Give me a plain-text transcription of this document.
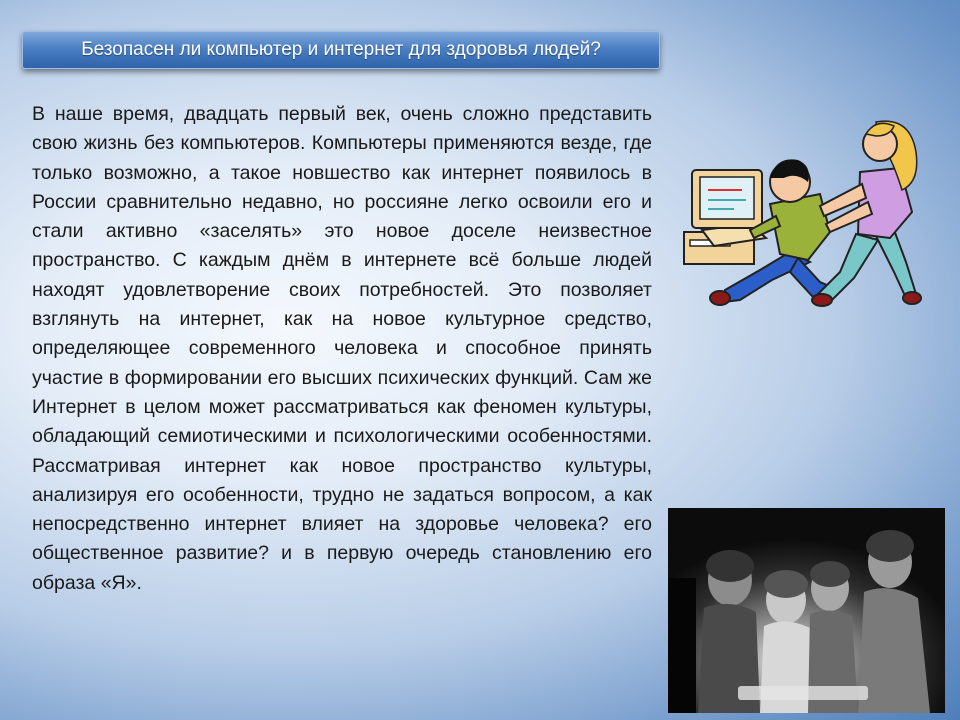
Безопасен ли компьютер и интернет для здоровья людей?

В наше время, двадцать первый век, очень сложно представить свою жизнь без компьютеров. Компьютеры применяются везде, где только возможно, а такое новшество как интернет появилось в России сравнительно недавно, но россияне легко освоили его и стали активно «заселять» это новое доселе неизвестное пространство. С каждым днём в интернете всё больше людей находят удовлетворение своих потребностей. Это позволяет взглянуть на интернет, как на новое культурное средство, определяющее современного человека и способное принять участие в формировании его высших психических функций. Сам же Интернет в целом может рассматриваться как феномен культуры, обладающий семиотическими и психологическими особенностями. Рассматривая интернет как новое пространство культуры, анализируя его особенности, трудно не задаться вопросом, а как непосредственно интернет влияет на здоровье человека? его общественное развитие? и в первую очередь становлению его образа «Я».
